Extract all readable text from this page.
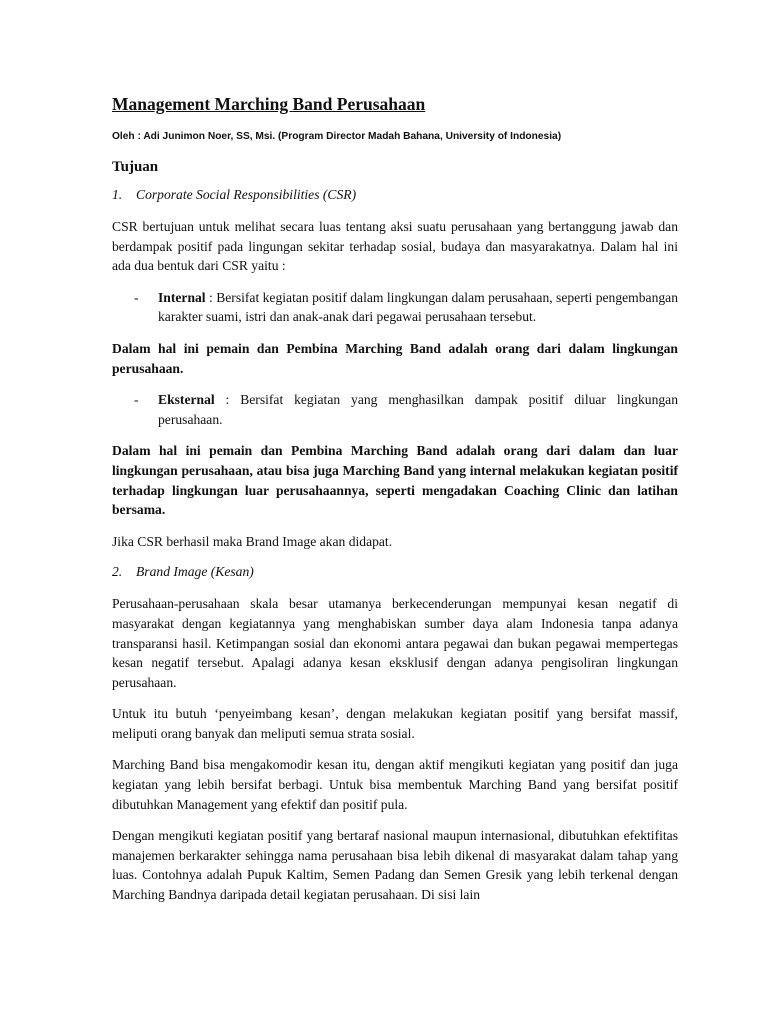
Management Marching Band Perusahaan
Oleh : Adi Junimon Noer, SS, Msi. (Program Director Madah Bahana, University of Indonesia)
Tujuan
1. Corporate Social Responsibilities (CSR)

CSR bertujuan untuk melihat secara luas tentang aksi suatu perusahaan yang bertanggung jawab dan berdampak positif pada lingungan sekitar terhadap sosial, budaya dan masyarakatnya. Dalam hal ini ada dua bentuk dari CSR yaitu :

- Internal : Bersifat kegiatan positif dalam lingkungan dalam perusahaan, seperti pengembangan karakter suami, istri dan anak-anak dari pegawai perusahaan tersebut.

Dalam hal ini pemain dan Pembina Marching Band adalah orang dari dalam lingkungan perusahaan.

- Eksternal : Bersifat kegiatan yang menghasilkan dampak positif diluar lingkungan perusahaan.

Dalam hal ini pemain dan Pembina Marching Band adalah orang dari dalam dan luar lingkungan perusahaan, atau bisa juga Marching Band yang internal melakukan kegiatan positif terhadap lingkungan luar perusahaannya, seperti mengadakan Coaching Clinic dan latihan bersama.

Jika CSR berhasil maka Brand Image akan didapat.

2. Brand Image (Kesan)

Perusahaan-perusahaan skala besar utamanya berkecenderungan mempunyai kesan negatif di masyarakat dengan kegiatannya yang menghabiskan sumber daya alam Indonesia tanpa adanya transparansi hasil. Ketimpangan sosial dan ekonomi antara pegawai dan bukan pegawai mempertegas kesan negatif tersebut. Apalagi adanya kesan eksklusif dengan adanya pengisoliran lingkungan perusahaan.

Untuk itu butuh ‘penyeimbang kesan’, dengan melakukan kegiatan positif yang bersifat massif, meliputi orang banyak dan meliputi semua strata sosial.

Marching Band bisa mengakomodir kesan itu, dengan aktif mengikuti kegiatan yang positif dan juga kegiatan yang lebih bersifat berbagi. Untuk bisa membentuk Marching Band yang bersifat positif dibutuhkan Management yang efektif dan positif pula.

Dengan mengikuti kegiatan positif yang bertaraf nasional maupun internasional, dibutuhkan efektifitas manajemen berkarakter sehingga nama perusahaan bisa lebih dikenal di masyarakat dalam tahap yang luas. Contohnya adalah Pupuk Kaltim, Semen Padang dan Semen Gresik yang lebih terkenal dengan Marching Bandnya daripada detail kegiatan perusahaan. Di sisi lain
